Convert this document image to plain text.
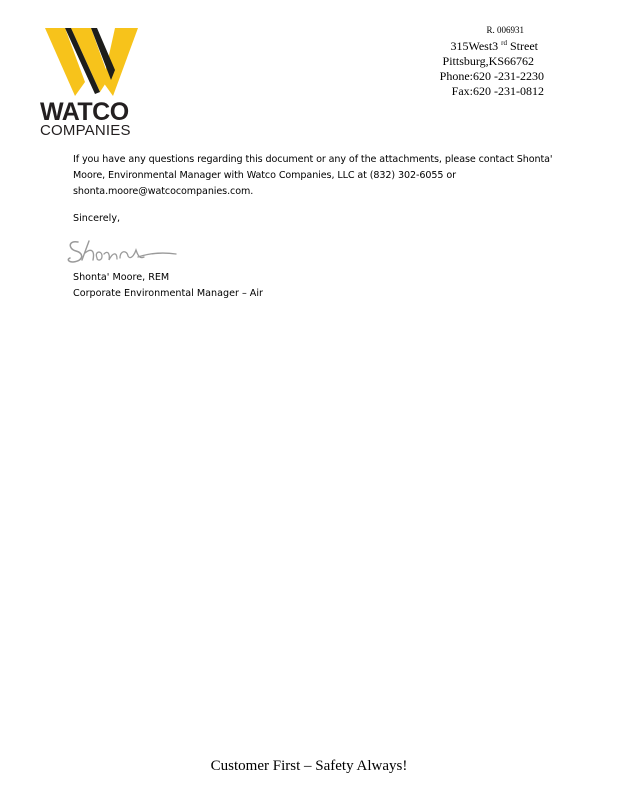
WATCO
COMPANIES
R. 006931
315West3 $^{rd}$ Street
Pittsburg,KS66762
Phone:620 -231-2230
Fax:620 -231-0812
If you have any questions regarding this document or any of the attachments, please contact Shonta' Moore, Environmental Manager with Watco Companies, LLC at (832) 302-6055 or shonta.moore@watcocompanies.com.
Sincerely,
Shonta' Moore, REM
Corporate Environmental Manager – Air
Customer First – Safety Always!
